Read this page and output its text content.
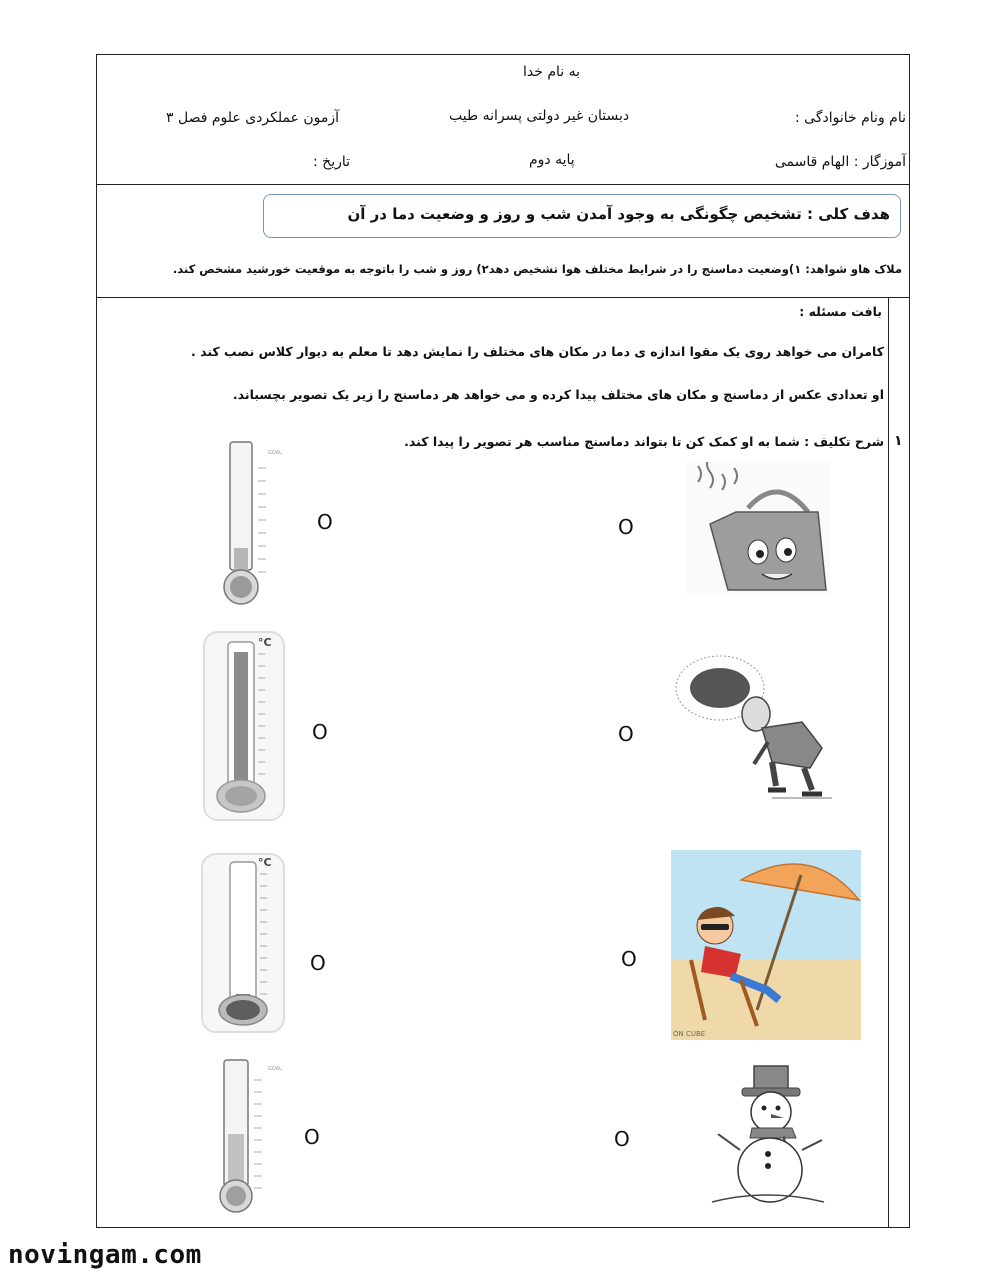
به نام خدا
نام ونام خانوادگی :
دبستان غیر دولتی پسرانه طیب
آزمون عملکردی علوم فصل ۳
آموزگار : الهام قاسمی
پایه دوم
تاریخ :
هدف کلی : تشخیص چگونگی به وجود آمدن شب و روز و وضعیت دما در آن
ملاک هاو شواهد: ۱)وضعیت دماسنج را در شرایط مختلف هوا تشخیص دهد۲) روز و شب را باتوجه به موقعیت خورشید مشخص کند.
بافت مسئله :
کامران می خواهد روی یک مقوا اندازه ی دما در مکان های مختلف را نمایش دهد تا معلم به دیوار کلاس نصب کند .
او تعدادی عکس از دماسنج و مکان های مختلف پیدا کرده و می خواهد هر دماسنج را زیر یک تصویر بچسباند.
۱
شرح تکلیف : شما به او کمک کن تا بتواند دماسنج مناسب هر تصویر را پیدا کند.
O	O
O	O
O	O
O	O
GOAL
°C
°C
GOAL
ON CUBE
novingam.com
